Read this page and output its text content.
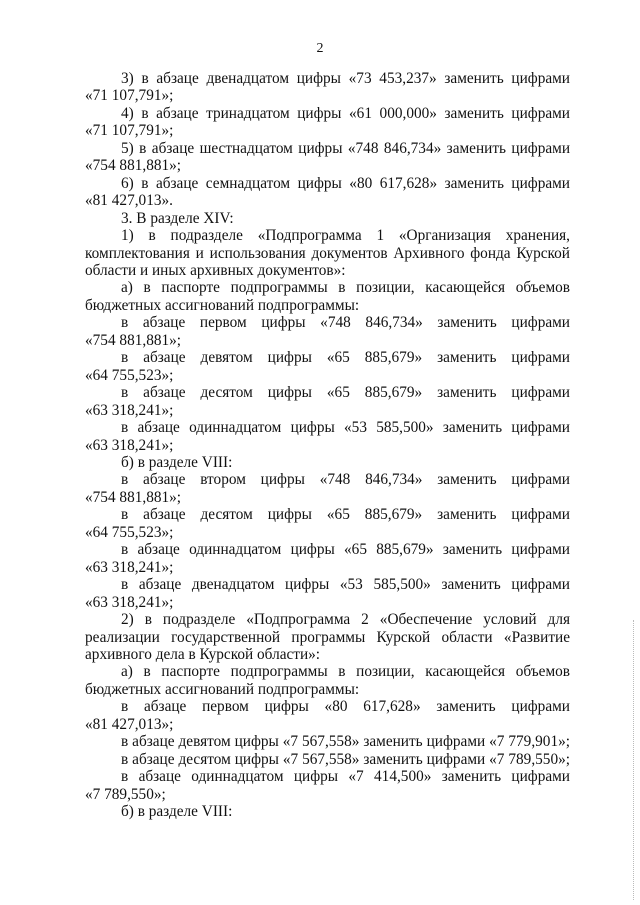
2

3) в абзаце двенадцатом цифры «73 453,237» заменить цифрами

«71 107,791»;

4) в абзаце тринадцатом цифры «61 000,000» заменить цифрами

«71 107,791»;

5) в абзаце шестнадцатом цифры «748 846,734» заменить цифрами

«754 881,881»;

6) в абзаце семнадцатом цифры «80 617,628» заменить цифрами

«81 427,013».

3. В разделе XIV:

1) в подразделе «Подпрограмма 1 «Организация хранения,

комплектования и использования документов Архивного фонда Курской

области и иных архивных документов»:

а) в паспорте подпрограммы в позиции, касающейся объемов

бюджетных ассигнований подпрограммы:

в абзаце первом цифры «748 846,734» заменить цифрами

«754 881,881»;

в абзаце девятом цифры «65 885,679» заменить цифрами

«64 755,523»;

в абзаце десятом цифры «65 885,679» заменить цифрами

«63 318,241»;

в абзаце одиннадцатом цифры «53 585,500» заменить цифрами

«63 318,241»;

б) в разделе VIII:

в абзаце втором цифры «748 846,734» заменить цифрами

«754 881,881»;

в абзаце десятом цифры «65 885,679» заменить цифрами

«64 755,523»;

в абзаце одиннадцатом цифры «65 885,679» заменить цифрами

«63 318,241»;

в абзаце двенадцатом цифры «53 585,500» заменить цифрами

«63 318,241»;

2) в подразделе «Подпрограмма 2 «Обеспечение условий для

реализации государственной программы Курской области «Развитие

архивного дела в Курской области»:

а) в паспорте подпрограммы в позиции, касающейся объемов

бюджетных ассигнований подпрограммы:

в абзаце первом цифры «80 617,628» заменить цифрами

«81 427,013»;

в абзаце девятом цифры «7 567,558» заменить цифрами «7 779,901»;

в абзаце десятом цифры «7 567,558» заменить цифрами «7 789,550»;

в абзаце одиннадцатом цифры «7 414,500» заменить цифрами

«7 789,550»;

б) в разделе VIII:
